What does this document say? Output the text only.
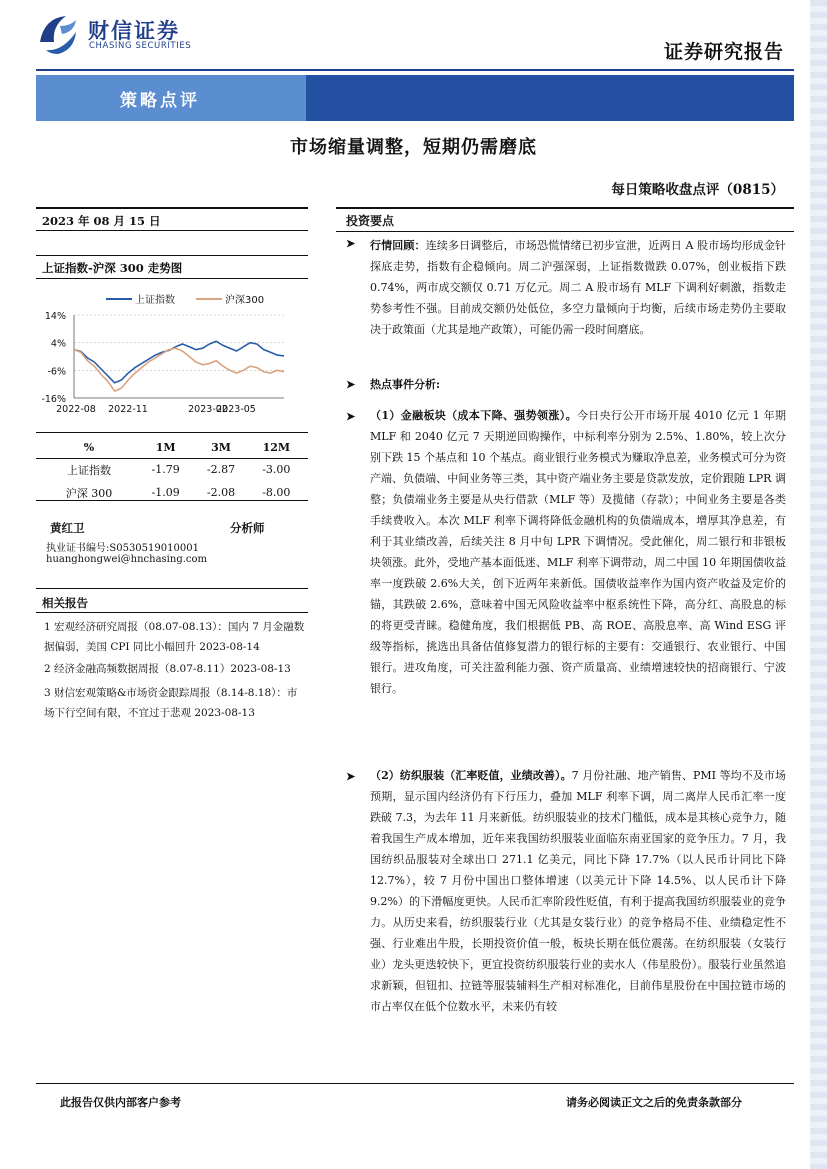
财信证券
CHASING SECURITIES	证券研究报告
策略点评
市场缩量调整，短期仍需磨底
每日策略收盘点评（0815）
2023 年 08 月 15 日
上证指数-沪深 300 走势图
上证指数	沪深300
14%
4%
-6%
-16%
2022-08 2022-11	2023-02
2023-05
%	1M	3M	12M
上证指数	-1.79	-2.87	-3.00
沪深 300	-1.09	-2.08	-8.00
黄红卫	分析师
执业证书编号:S0530519010001
huanghongwei@hnchasing.com
相关报告
1 宏观经济研究周报（08.07-08.13）：国内 7 月金融数据偏弱，美国 CPI 同比小幅回升 2023-08-14
2 经济金融高频数据周报（8.07-8.11）2023-08-13
3 财信宏观策略&市场资金跟踪周报（8.14-8.18）：市场下行空间有限，不宜过于悲观 2023-08-13
投资要点
➤ 行情回顾：连续多日调整后，市场恐慌情绪已初步宣泄，近两日 A 股市场均形成金针探底走势，指数有企稳倾向。周二沪强深弱，上证指数微跌 0.07%，创业板指下跌 0.74%，两市成交额仅 0.71 万亿元。周二 A 股市场有 MLF 下调利好刺激，指数走势参考性不强。目前成交额仍处低位，多空力量倾向于均衡，后续市场走势仍主要取决于政策面（尤其是地产政策），可能仍需一段时间磨底。

➤ 热点事件分析:
➤ （1）金融板块（成本下降、强势领涨）。今日央行公开市场开展 4010 亿元 1 年期 MLF 和 2040 亿元 7 天期逆回购操作，中标利率分别为 2.5%、1.80%，较上次分别下跌 15 个基点和 10 个基点。商业银行业务模式为赚取净息差，业务模式可分为资产端、负债端、中间业务等三类，其中资产端业务主要是贷款发放，定价跟随 LPR 调整；负债端业务主要是从央行借款（MLF 等）及揽储（存款）；中间业务主要是各类手续费收入。本次 MLF 利率下调将降低金融机构的负债端成本，增厚其净息差，有利于其业绩改善，后续关注 8 月中旬 LPR 下调情况。受此催化，周二银行和非银板块领涨。此外，受地产基本面低迷、MLF 利率下调带动，周二中国 10 年期国债收益率一度跌破 2.6%大关，创下近两年来新低。国债收益率作为国内资产收益及定价的锚，其跌破 2.6%，意味着中国无风险收益率中枢系统性下降，高分红、高股息的标的将更受青睐。稳健角度，我们根据低 PB、高 ROE、高股息率、高 Wind ESG 评级等指标，挑选出具备估值修复潜力的银行标的主要有：交通银行、农业银行、中国银行。进攻角度，可关注盈利能力强、资产质量高、业绩增速较快的招商银行、宁波银行。

➤ （2）纺织服装（汇率贬值，业绩改善）。7 月份社融、地产销售、PMI 等均不及市场预期，显示国内经济仍有下行压力，叠加 MLF 利率下调，周二离岸人民币汇率一度跌破 7.3，为去年 11 月来新低。纺织服装业的技术门槛低，成本是其核心竞争力，随着我国生产成本增加，近年来我国纺织服装业面临东南亚国家的竞争压力。7 月，我国纺织品服装对全球出口 271.1 亿美元，同比下降 17.7%（以人民币计同比下降 12.7%），较 7 月份中国出口整体增速（以美元计下降 14.5%、以人民币计下降 9.2%）的下滑幅度更快。人民币汇率阶段性贬值，有利于提高我国纺织服装业的竞争力。从历史来看，纺织服装行业（尤其是女装行业）的竞争格局不佳、业绩稳定性不强、行业难出牛股，长期投资价值一般，板块长期在低位震荡。在纺织服装（女装行业）龙头更迭较快下，更宜投资纺织服装行业的卖水人（伟星股份）。服装行业虽然追求新颖，但钮扣、拉链等服装辅料生产相对标准化，目前伟星股份在中国拉链市场的市占率仅在低个位数水平，未来仍有较

此报告仅供内部客户参考	请务必阅读正文之后的免责条款部分
